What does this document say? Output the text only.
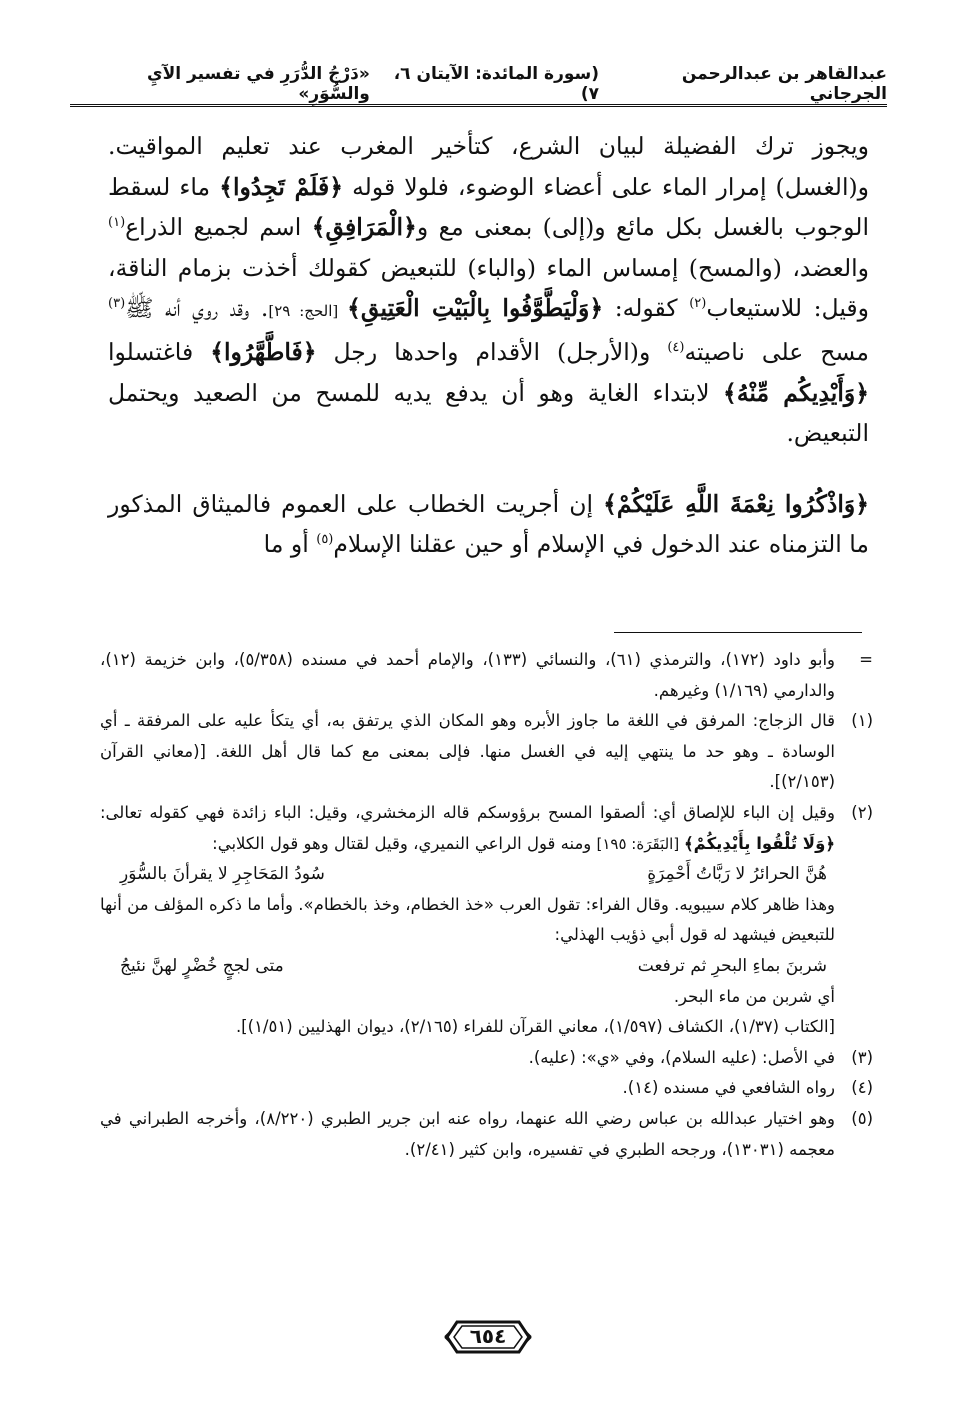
عبدالقاهر بن عبدالرحمن الجرجاني
(سورة المائدة: الآيتان ٦، ٧)
«دَرْجُ الدُّرَرِ في تفسير الآيِ والسُّوَرِ»

ويجوز ترك الفضيلة لبيان الشرع، كتأخير المغرب عند تعليم المواقيت. و(الغسل) إمرار الماء على أعضاء الوضوء، فلولا قوله ﴿فَلَمْ تَجِدُوا﴾ ماء لسقط الوجوب بالغسل بكل مائع و(إلى) بمعنى مع و﴿الْمَرَافِقِ﴾ اسم لجميع الذراع$^{(١)}$ والعضد، (والمسح) إمساس الماء (والباء) للتبعيض كقولك أخذت بزمام الناقة، وقيل: للاستيعاب$^{(٢)}$ كقوله: ﴿وَلْيَطَّوَّفُوا بِالْبَيْتِ الْعَتِيقِ﴾ [الحج: ٢٩]. وقد روي أنه ﷺ$^{(٣)}$ مسح على ناصيته$^{(٤)}$ و(الأرجل) الأقدام واحدها رجل ﴿فَاطَّهَّرُوا﴾ فاغتسلوا ﴿وَأَيْدِيكُم مِّنْهُ﴾ لابتداء الغاية وهو أن يدفع يديه للمسح من الصعيد ويحتمل التبعيض.

﴿وَاذْكُرُوا نِعْمَةَ اللَّهِ عَلَيْكُمْ﴾ إن أجريت الخطاب على العموم فالميثاق المذكور ما التزمناه عند الدخول في الإسلام أو حين عقلنا الإسلام$^{(٥)}$ أو ما

=

وأبو داود (١٧٢)، والترمذي (٦١)، والنسائي (١٣٣)، والإمام أحمد في مسنده (٥/٣٥٨)، وابن خزيمة (١٢)، والدارمي (١/١٦٩) وغيرهم.

(١)

قال الزجاج: المرفق في اللغة ما جاوز الأبره وهو المكان الذي يرتفق به، أي يتكأ عليه على المرفقة ـ أي الوسادة ـ وهو حد ما ينتهي إليه في الغسل منها. فإلى بمعنى مع كما قال أهل اللغة. [(معاني القرآن (٢/١٥٣)].

(٢)

وقيل إن الباء للإلصاق أي: ألصقوا المسح برؤوسكم قاله الزمخشري، وقيل: الباء زائدة فهي كقوله تعالى: ﴿وَلَا تُلْقُوا بِأَيْدِيكُمْ﴾ [البَقَرَة: ١٩٥] ومنه قول الراعي النميري، وقيل لقتال وهو قول الكلابي:

هُنَّ الحرائرُ لا رَبَّاتُ أَحْمِرَةٍ
سُودُ المَحَاجِرِ لا يقرأنَ بالسُّوَرِ

وهذا ظاهر كلام سيبويه. وقال الفراء: تقول العرب «خذ الخطام، وخذ بالخطام». وأما ما ذكره المؤلف من أنها للتبعيض فيشهد له قول أبي ذؤيب الهذلي:

شربنَ بماءِ البحرِ ثم ترفعت
متى لججٍ خُضْرٍ لهنَّ نئيجُ

أي شربن من ماء البحر.

[الكتاب (١/٣٧)، الكشاف (١/٥٩٧)، معاني القرآن للفراء (٢/١٦٥)، ديوان الهذليين (١/٥١)].

(٣)

في الأصل: (عليه السلام)، وفي «ي»: (عليه).

(٤)

رواه الشافعي في مسنده (١٤).

(٥)

وهو اختيار عبدالله بن عباس رضي الله عنهما، رواه عنه ابن جرير الطبري (٨/٢٢٠)، وأخرجه الطبراني في معجمه (١٣٠٣١)، ورجحه الطبري في تفسيره، وابن كثير (٢/٤١).

٦٥٤
